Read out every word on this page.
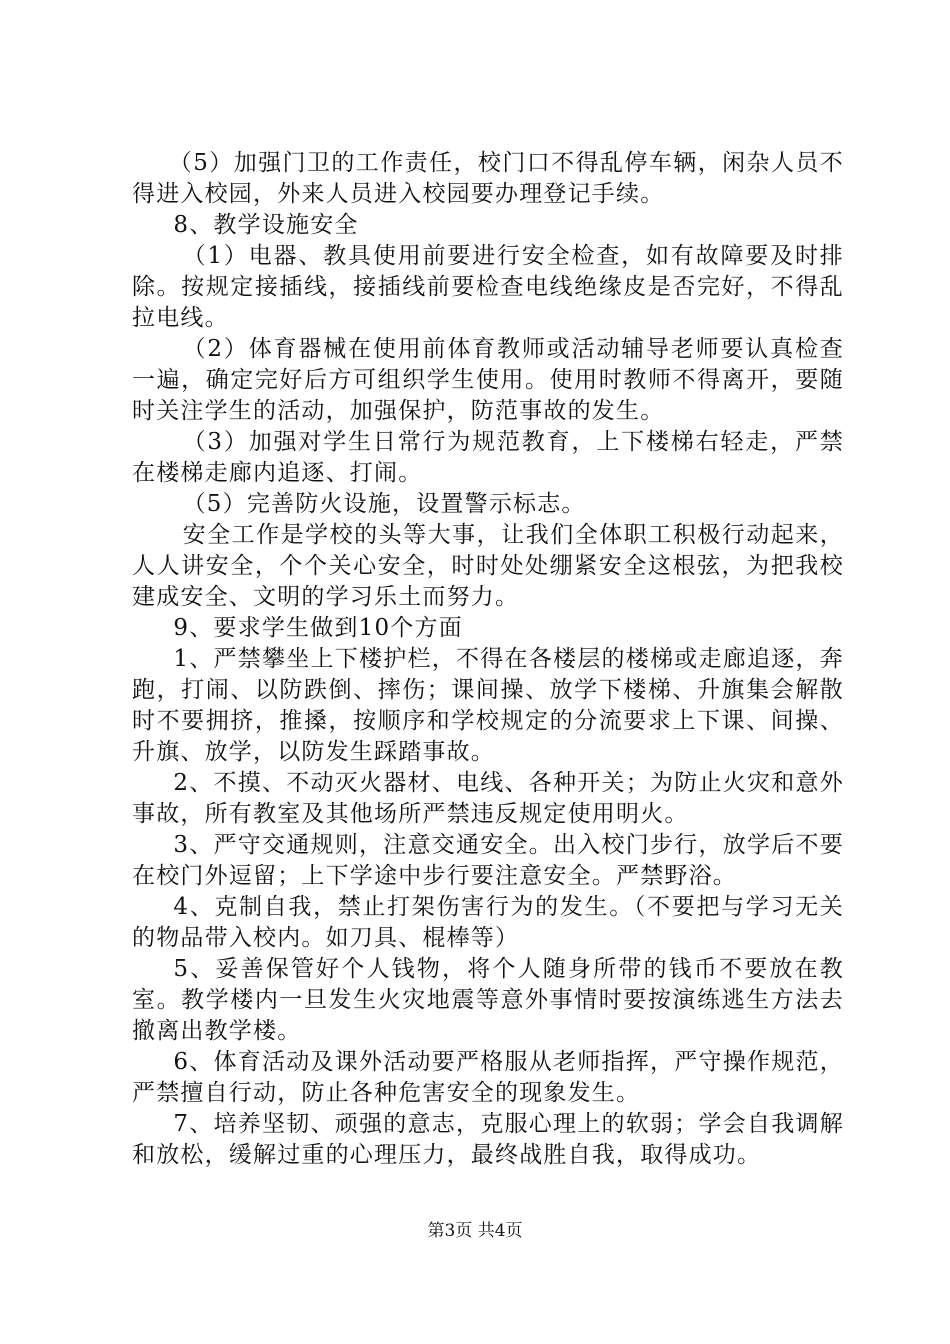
（5）加强门卫的工作责任，校门口不得乱停车辆，闲杂人员不得进入校园，外来人员进入校园要办理登记手续。

8、教学设施安全

（1）电器、教具使用前要进行安全检查，如有故障要及时排除。按规定接插线，接插线前要检查电线绝缘皮是否完好，不得乱拉电线。

（2）体育器械在使用前体育教师或活动辅导老师要认真检查一遍，确定完好后方可组织学生使用。使用时教师不得离开，要随时关注学生的活动，加强保护，防范事故的发生。

（3）加强对学生日常行为规范教育，上下楼梯右轻走，严禁在楼梯走廊内追逐、打闹。

（5）完善防火设施，设置警示标志。

安全工作是学校的头等大事，让我们全体职工积极行动起来，人人讲安全，个个关心安全，时时处处绷紧安全这根弦，为把我校建成安全、文明的学习乐土而努力。

9、要求学生做到10个方面

1、严禁攀坐上下楼护栏，不得在各楼层的楼梯或走廊追逐，奔跑，打闹、以防跌倒、摔伤；课间操、放学下楼梯、升旗集会解散时不要拥挤，推搡，按顺序和学校规定的分流要求上下课、间操、升旗、放学，以防发生踩踏事故。

2、不摸、不动灭火器材、电线、各种开关；为防止火灾和意外事故，所有教室及其他场所严禁违反规定使用明火。

3、严守交通规则，注意交通安全。出入校门步行，放学后不要在校门外逗留；上下学途中步行要注意安全。严禁野浴。

4、克制自我，禁止打架伤害行为的发生。（不要把与学习无关的物品带入校内。如刀具、棍棒等）

5、妥善保管好个人钱物，将个人随身所带的钱币不要放在教室。教学楼内一旦发生火灾地震等意外事情时要按演练逃生方法去撤离出教学楼。

6、体育活动及课外活动要严格服从老师指挥，严守操作规范，严禁擅自行动，防止各种危害安全的现象发生。

7、培养坚韧、顽强的意志，克服心理上的软弱；学会自我调解和放松，缓解过重的心理压力，最终战胜自我，取得成功。

第3页 共4页
